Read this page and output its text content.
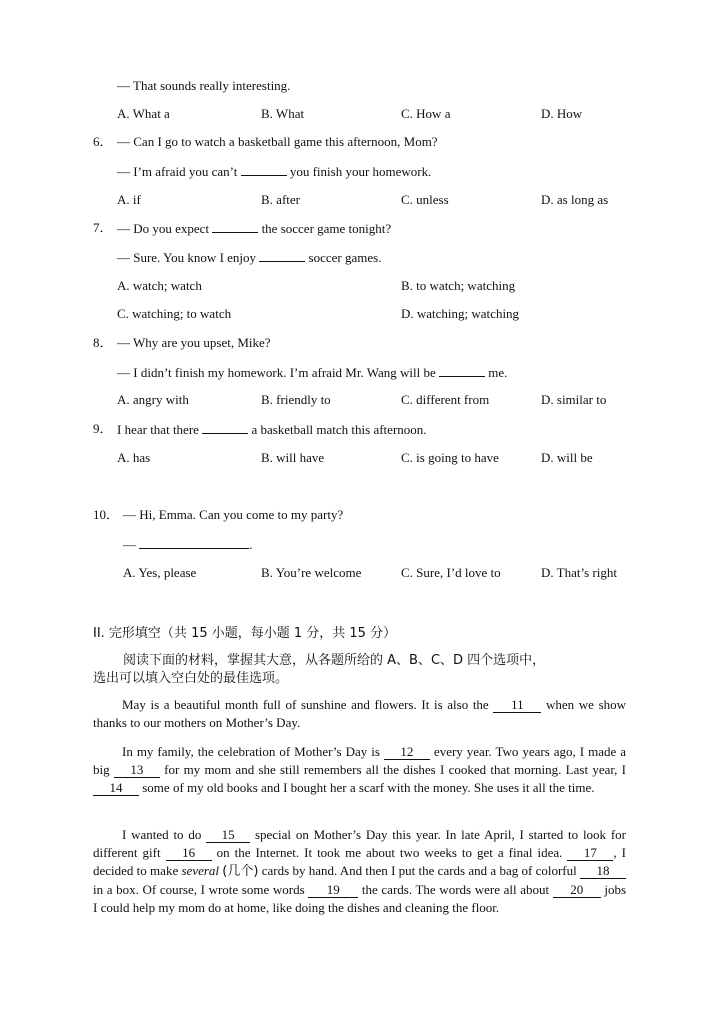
— That sounds really interesting.
A. What a	B. What	C. How a	D. How
6． — Can I go to watch a basketball game this afternoon, Mom?
— I’m afraid you can’t	you finish your homework.
A. if	B. after	C. unless	D. as long as
7． — Do you expect	the soccer game tonight?
— Sure. You know I enjoy	soccer games.
A. watch; watch	B. to watch; watching
C. watching; to watch	D. watching; watching
8． — Why are you upset, Mike?
— I didn’t finish my homework. I’m afraid Mr. Wang will be	me.
A. angry with	B. friendly to	C. different from	D. similar to
9． I hear that there	a basketball match this afternoon.
A. has	B. will have	C. is going to have	D. will be
10． — Hi, Emma. Can you come to my party?
—	.
A. Yes, please	B. You’re welcome	C. Sure, I’d love to	D. That’s right
II. 完形填空（共 15 小题，每小题 1 分，共 15 分）
阅读下面的材料，掌握其大意，从各题所给的 A、B、C、D 四个选项中，
选出可以填入空白处的最佳选项。
May is a beautiful month full of sunshine and flowers. It is also the 11 when we show thanks to our mothers on Mother’s Day.
In my family, the celebration of Mother’s Day is 12 every year. Two years ago, I made a big 13 for my mom and she still remembers all the dishes I cooked that morning. Last year, I 14 some of my old books and I bought her a scarf with the money. She uses it all the time.
I wanted to do 15 special on Mother’s Day this year. In late April, I started to look for different gift 16 on the Internet. It took me about two weeks to get a final idea. 17 , I decided to make several (几个) cards by hand. And then I put the cards and a bag of colorful 18 in a box. Of course, I wrote some words 19 the cards. The words were all about 20 jobs I could help my mom do at home, like doing the dishes and cleaning the floor.
